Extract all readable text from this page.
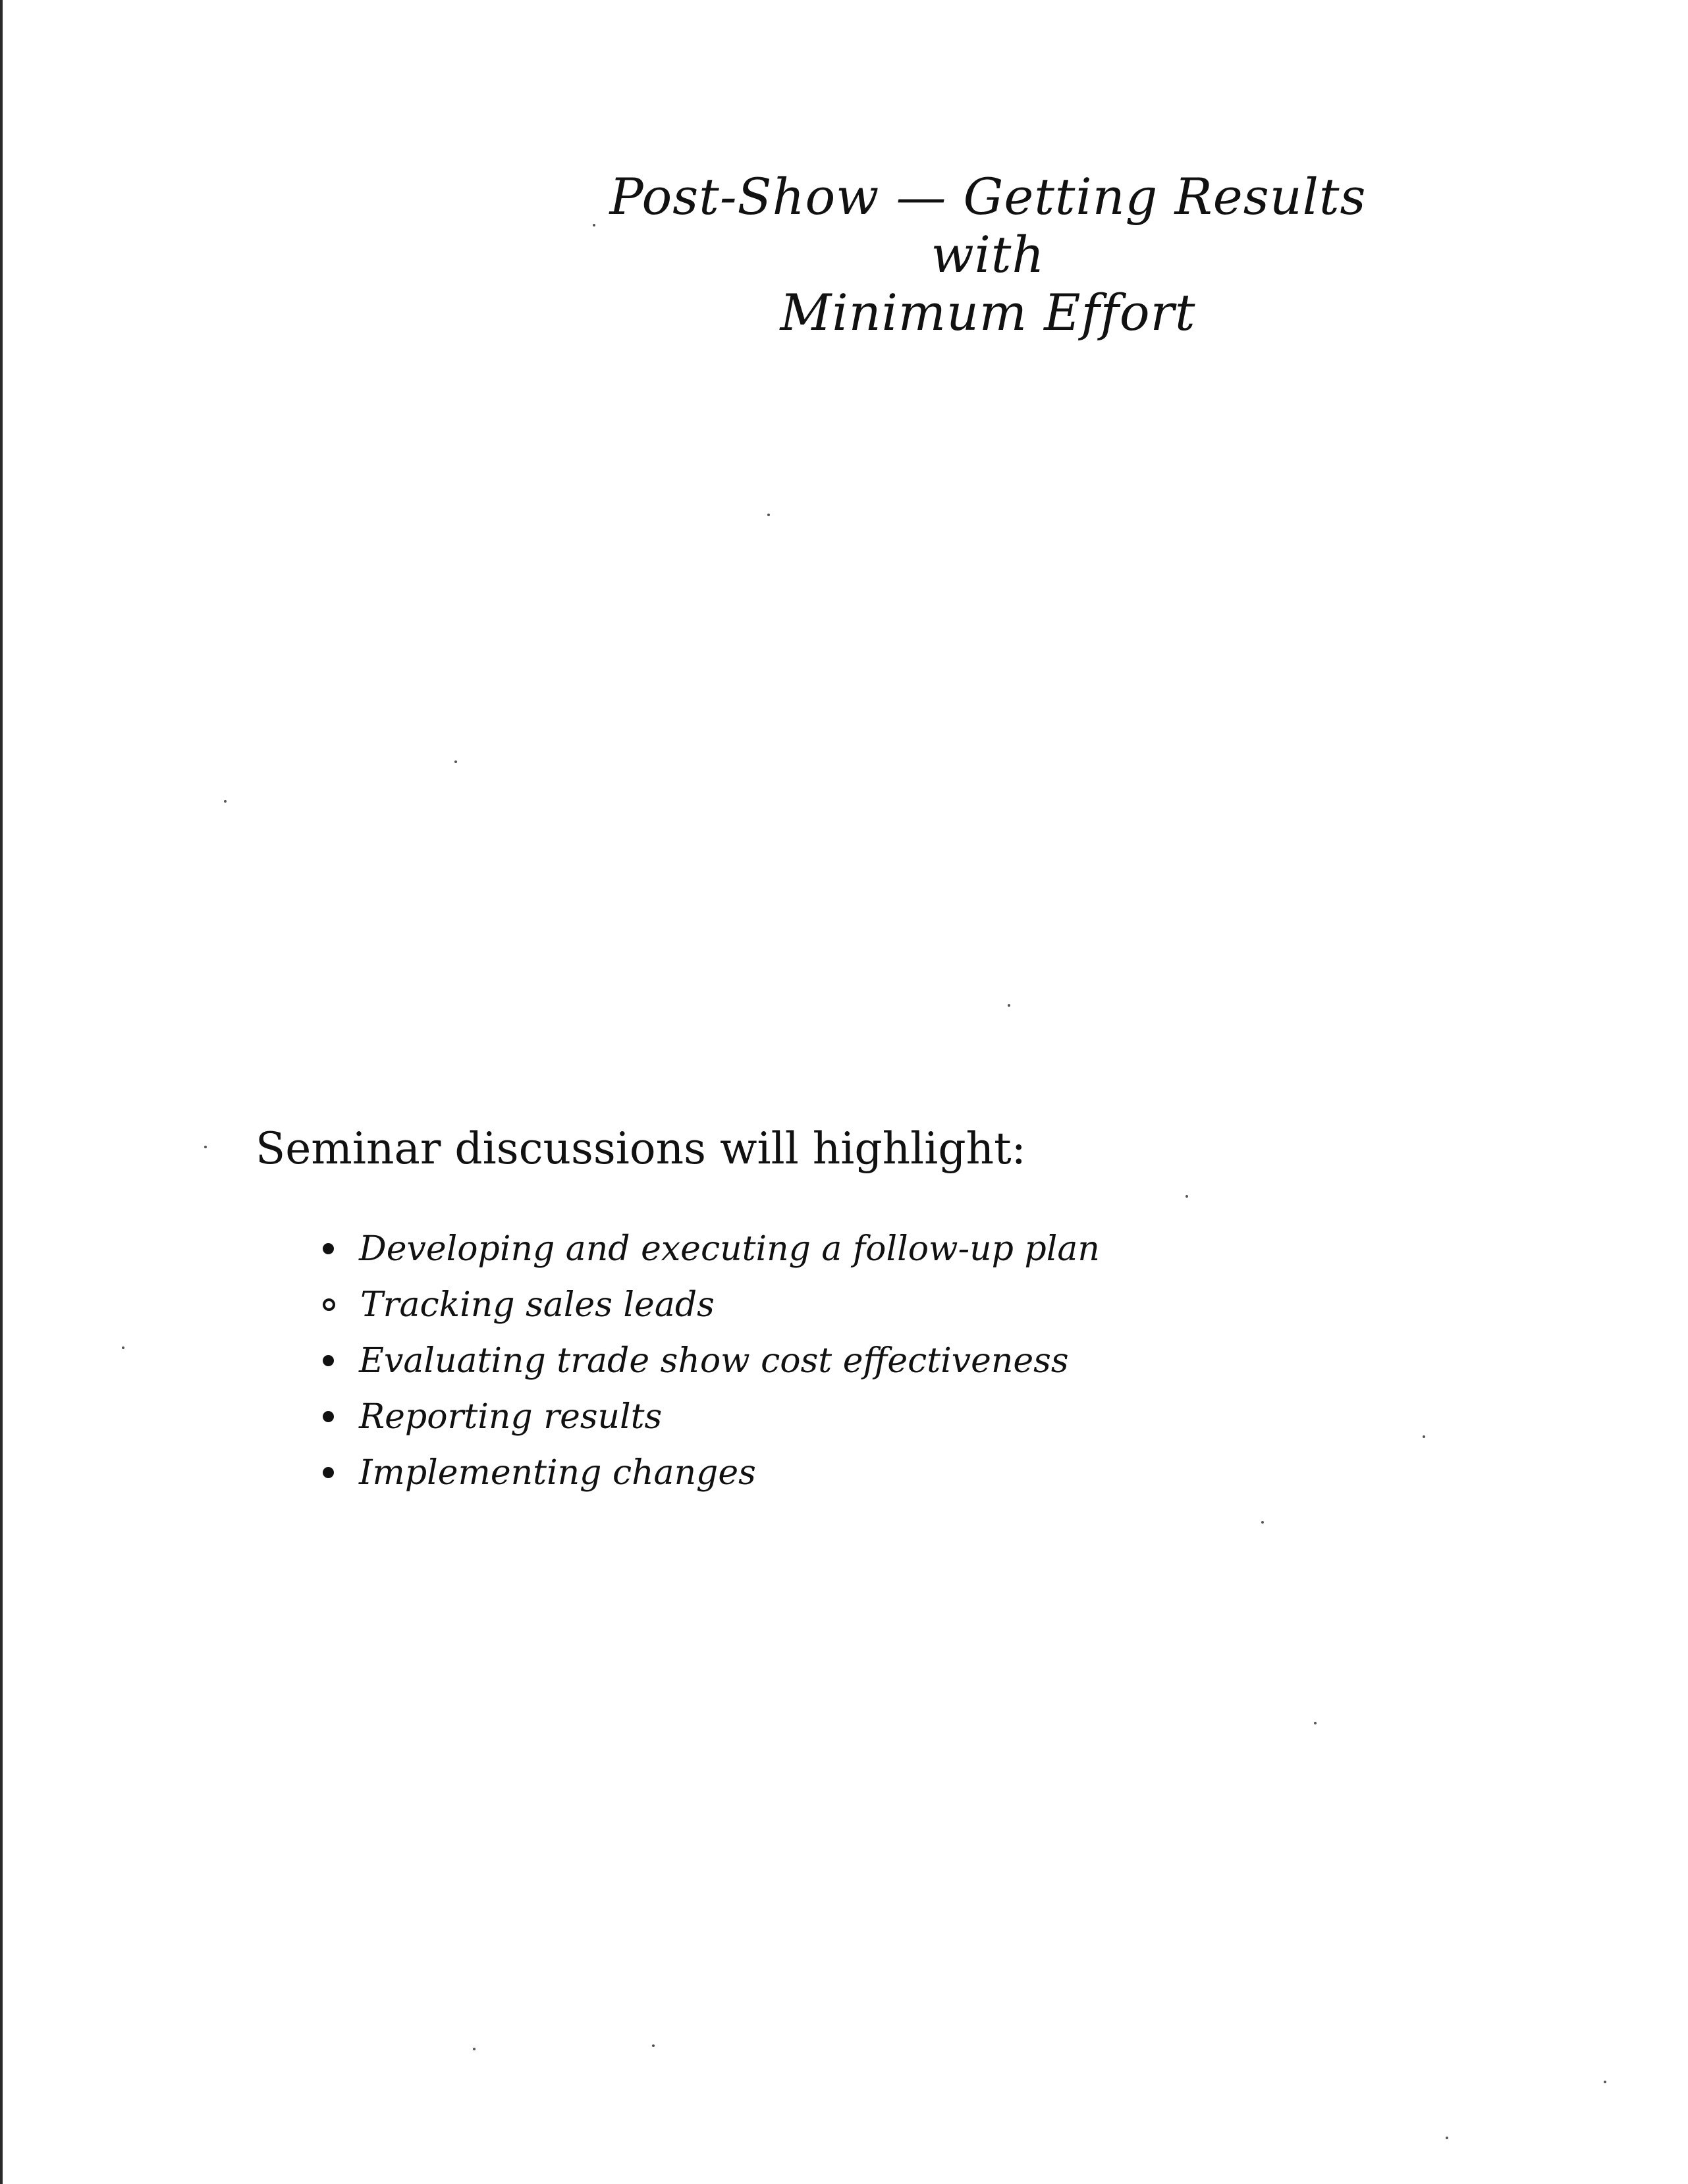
Post-Show — Getting Results
with
Minimum Effort
Seminar discussions will highlight:
Developing and executing a follow-up plan
Tracking sales leads
Evaluating trade show cost effectiveness
Reporting results
Implementing changes
